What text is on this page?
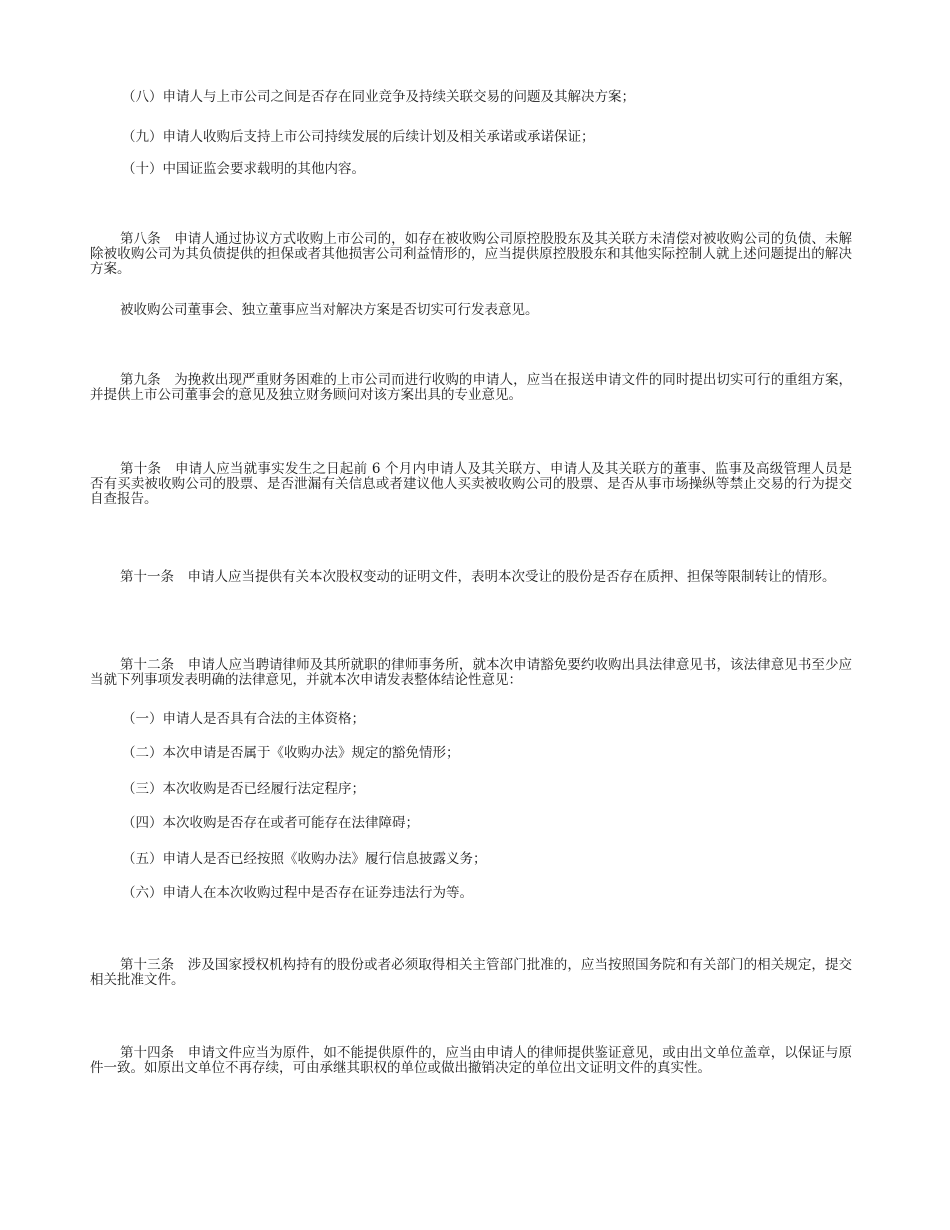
（八）申请人与上市公司之间是否存在同业竞争及持续关联交易的问题及其解决方案；

（九）申请人收购后支持上市公司持续发展的后续计划及相关承诺或承诺保证；

（十）中国证监会要求载明的其他内容。

第八条　申请人通过协议方式收购上市公司的，如存在被收购公司原控股股东及其关联方未清偿对被收购公司的负债、未解除被收购公司为其负债提供的担保或者其他损害公司利益情形的，应当提供原控股股东和其他实际控制人就上述问题提出的解决方案。

被收购公司董事会、独立董事应当对解决方案是否切实可行发表意见。

第九条　为挽救出现严重财务困难的上市公司而进行收购的申请人，应当在报送申请文件的同时提出切实可行的重组方案，并提供上市公司董事会的意见及独立财务顾问对该方案出具的专业意见。

第十条　申请人应当就事实发生之日起前 6 个月内申请人及其关联方、申请人及其关联方的董事、监事及高级管理人员是否有买卖被收购公司的股票、是否泄漏有关信息或者建议他人买卖被收购公司的股票、是否从事市场操纵等禁止交易的行为提交自查报告。

第十一条　申请人应当提供有关本次股权变动的证明文件，表明本次受让的股份是否存在质押、担保等限制转让的情形。

第十二条　申请人应当聘请律师及其所就职的律师事务所，就本次申请豁免要约收购出具法律意见书，该法律意见书至少应当就下列事项发表明确的法律意见，并就本次申请发表整体结论性意见：

（一）申请人是否具有合法的主体资格；

（二）本次申请是否属于《收购办法》规定的豁免情形；

（三）本次收购是否已经履行法定程序；

（四）本次收购是否存在或者可能存在法律障碍；

（五）申请人是否已经按照《收购办法》履行信息披露义务；

（六）申请人在本次收购过程中是否存在证券违法行为等。

第十三条　涉及国家授权机构持有的股份或者必须取得相关主管部门批准的，应当按照国务院和有关部门的相关规定，提交相关批准文件。

第十四条　申请文件应当为原件，如不能提供原件的，应当由申请人的律师提供鉴证意见，或由出文单位盖章，以保证与原件一致。如原出文单位不再存续，可由承继其职权的单位或做出撤销决定的单位出文证明文件的真实性。
